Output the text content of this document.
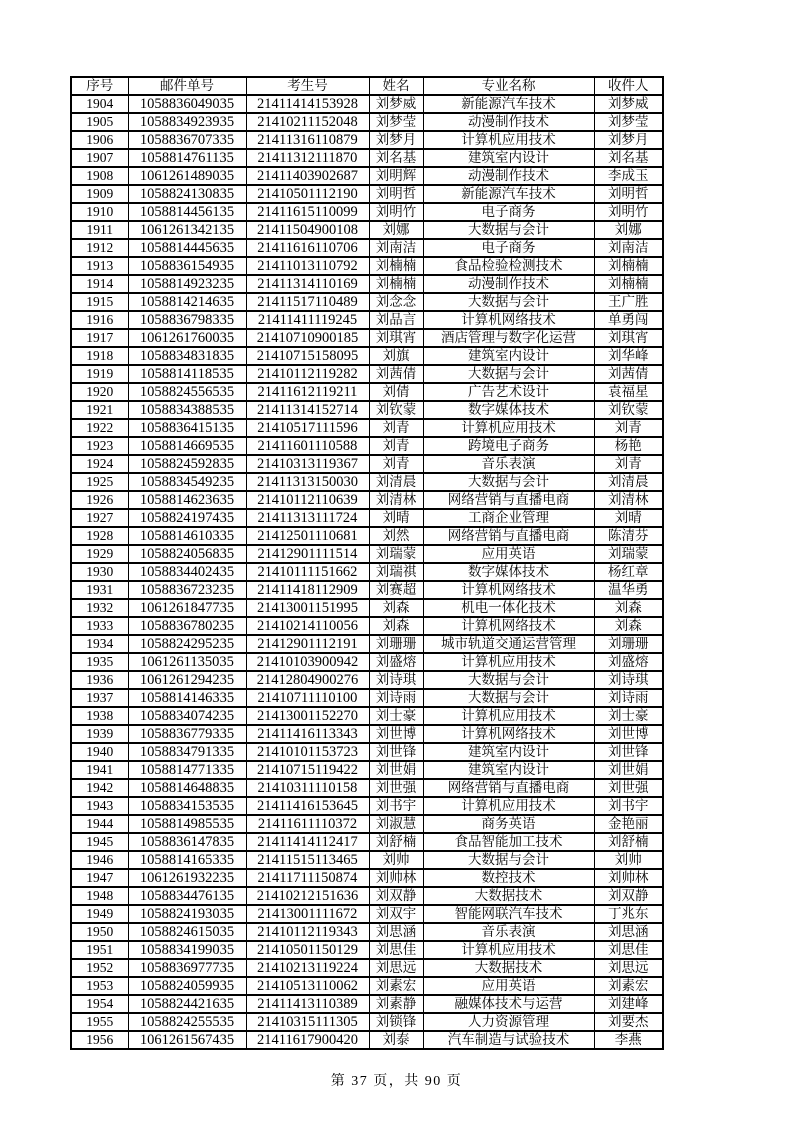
序号	邮件单号	考生号	姓名	专业名称	收件人
1904	1058836049035	21411414153928	刘梦威	新能源汽车技术	刘梦威
1905	1058834923935	21410211152048	刘梦莹	动漫制作技术	刘梦莹
1906	1058836707335	21411316110879	刘梦月	计算机应用技术	刘梦月
1907	1058814761135	21411312111870	刘名基	建筑室内设计	刘名基
1908	1061261489035	21411403902687	刘明辉	动漫制作技术	李成玉
1909	1058824130835	21410501112190	刘明哲	新能源汽车技术	刘明哲
1910	1058814456135	21411615110099	刘明竹	电子商务	刘明竹
1911	1061261342135	21411504900108	刘娜	大数据与会计	刘娜
1912	1058814445635	21411616110706	刘南洁	电子商务	刘南洁
1913	1058836154935	21411013110792	刘楠楠	食品检验检测技术	刘楠楠
1914	1058814923235	21411314110169	刘楠楠	动漫制作技术	刘楠楠
1915	1058814214635	21411517110489	刘念念	大数据与会计	王广胜
1916	1058836798335	21411411119245	刘品言	计算机网络技术	单勇闯
1917	1061261760035	21410710900185	刘琪宵	酒店管理与数字化运营	刘琪宵
1918	1058834831835	21410715158095	刘旗	建筑室内设计	刘华峰
1919	1058814118535	21410112119282	刘茜倩	大数据与会计	刘茜倩
1920	1058824556535	21411612119211	刘倩	广告艺术设计	袁福星
1921	1058834388535	21411314152714	刘钦蒙	数字媒体技术	刘钦蒙
1922	1058836415135	21410517111596	刘青	计算机应用技术	刘青
1923	1058814669535	21411601110588	刘青	跨境电子商务	杨艳
1924	1058824592835	21410313119367	刘青	音乐表演	刘青
1925	1058834549235	21411313150030	刘清晨	大数据与会计	刘清晨
1926	1058814623635	21410112110639	刘清林	网络营销与直播电商	刘清林
1927	1058824197435	21411313111724	刘晴	工商企业管理	刘晴
1928	1058814610335	21412501110681	刘然	网络营销与直播电商	陈清芬
1929	1058824056835	21412901111514	刘瑞蒙	应用英语	刘瑞蒙
1930	1058834402435	21410111151662	刘瑞祺	数字媒体技术	杨红章
1931	1058836723235	21411418112909	刘赛超	计算机网络技术	温华勇
1932	1061261847735	21413001151995	刘森	机电一体化技术	刘森
1933	1058836780235	21410214110056	刘森	计算机网络技术	刘森
1934	1058824295235	21412901112191	刘珊珊	城市轨道交通运营管理	刘珊珊
1935	1061261135035	21410103900942	刘盛熔	计算机应用技术	刘盛熔
1936	1061261294235	21412804900276	刘诗琪	大数据与会计	刘诗琪
1937	1058814146335	21410711110100	刘诗雨	大数据与会计	刘诗雨
1938	1058834074235	21413001152270	刘士豪	计算机应用技术	刘士豪
1939	1058836779335	21411416113343	刘世博	计算机网络技术	刘世博
1940	1058834791335	21410101153723	刘世锋	建筑室内设计	刘世锋
1941	1058814771335	21410715119422	刘世娟	建筑室内设计	刘世娟
1942	1058814648835	21410311110158	刘世强	网络营销与直播电商	刘世强
1943	1058834153535	21411416153645	刘书宇	计算机应用技术	刘书宇
1944	1058814985535	21411611110372	刘淑慧	商务英语	金艳丽
1945	1058836147835	21411414112417	刘舒楠	食品智能加工技术	刘舒楠
1946	1058814165335	21411515113465	刘帅	大数据与会计	刘帅
1947	1061261932235	21411711150874	刘帅林	数控技术	刘帅林
1948	1058834476135	21410212151636	刘双静	大数据技术	刘双静
1949	1058824193035	21413001111672	刘双宇	智能网联汽车技术	丁兆东
1950	1058824615035	21410112119343	刘思涵	音乐表演	刘思涵
1951	1058834199035	21410501150129	刘思佳	计算机应用技术	刘思佳
1952	1058836977735	21410213119224	刘思远	大数据技术	刘思远
1953	1058824059935	21410513110062	刘素宏	应用英语	刘素宏
1954	1058824421635	21411413110389	刘素静	融媒体技术与运营	刘建峰
1955	1058824255535	21410315111305	刘锁锋	人力资源管理	刘要杰
1956	1061261567435	21411617900420	刘泰	汽车制造与试验技术	李燕
第 37 页，共 90 页
